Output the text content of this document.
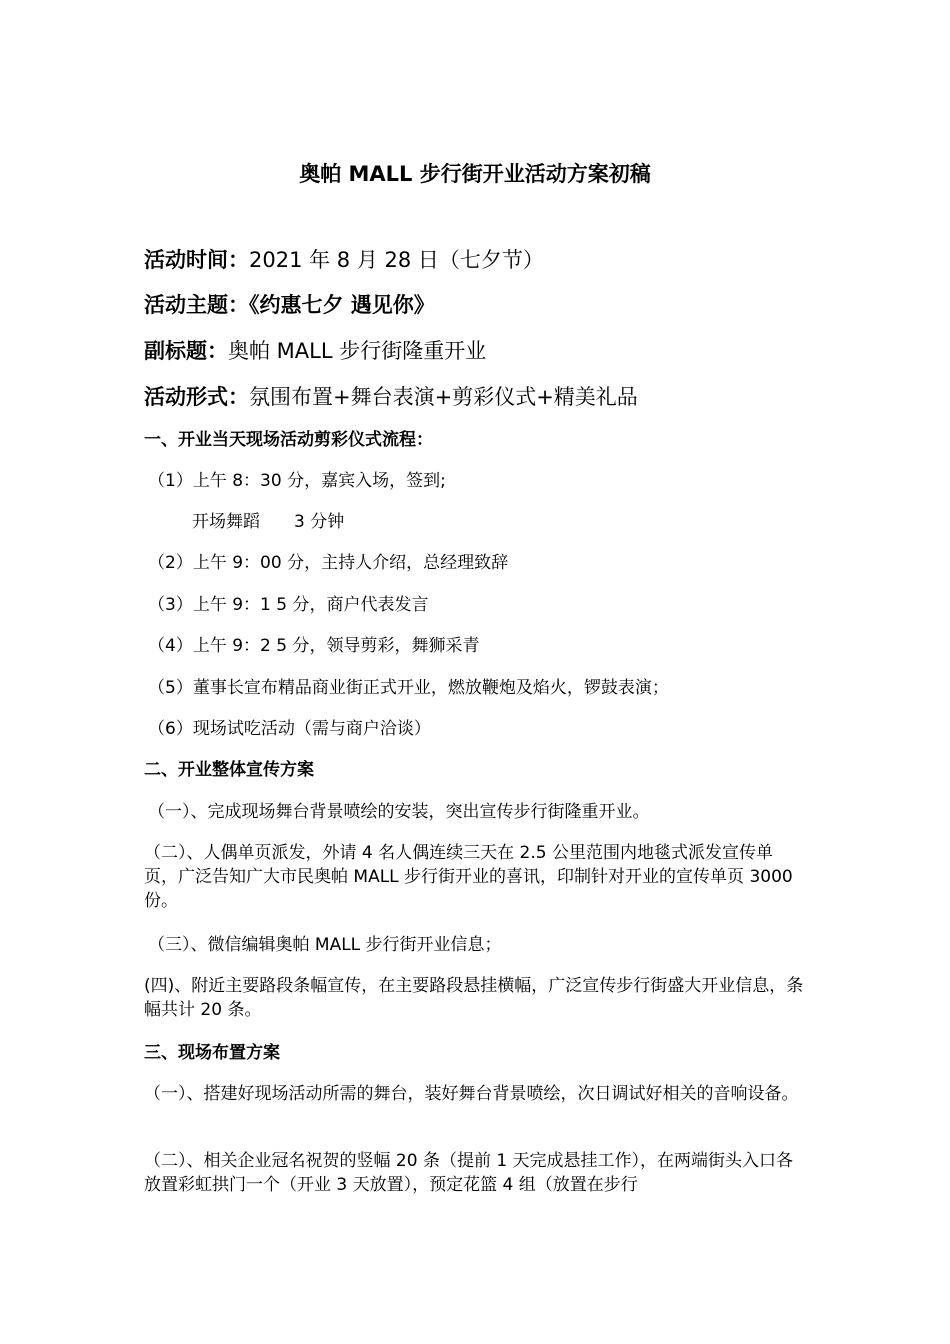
奥帕 MALL 步行街开业活动方案初稿

活动时间：2021 年 8 月 28 日（七夕节）

活动主题：《约惠七夕 遇见你》

副标题：奥帕 MALL 步行街隆重开业

活动形式：氛围布置+舞台表演+剪彩仪式+精美礼品

一、开业当天现场活动剪彩仪式流程：

（1）上午 8：30 分，嘉宾入场，签到;

开场舞蹈 3 分钟

（2）上午 9：00 分，主持人介绍，总经理致辞

（3）上午 9：1 5 分，商户代表发言

（4）上午 9：2 5 分，领导剪彩，舞狮采青

（5）董事长宣布精品商业街正式开业，燃放鞭炮及焰火，锣鼓表演；

（6）现场试吃活动（需与商户洽谈）

二、开业整体宣传方案

（一）、完成现场舞台背景喷绘的安装，突出宣传步行街隆重开业。

（二）、人偶单页派发，外请 4 名人偶连续三天在 2.5 公里范围内地毯式派发宣传单页，广泛告知广大市民奥帕 MALL 步行街开业的喜讯，印制针对开业的宣传单页 3000 份。

（三）、微信编辑奥帕 MALL 步行街开业信息；

(四)、附近主要路段条幅宣传，在主要路段悬挂横幅，广泛宣传步行街盛大开业信息，条幅共计 20 条。

三、现场布置方案

（一）、搭建好现场活动所需的舞台，装好舞台背景喷绘，次日调试好相关的音响设备。

（二）、相关企业冠名祝贺的竖幅 20 条（提前 1 天完成悬挂工作），在两端街头入口各放置彩虹拱门一个（开业 3 天放置），预定花篮 4 组（放置在步行
